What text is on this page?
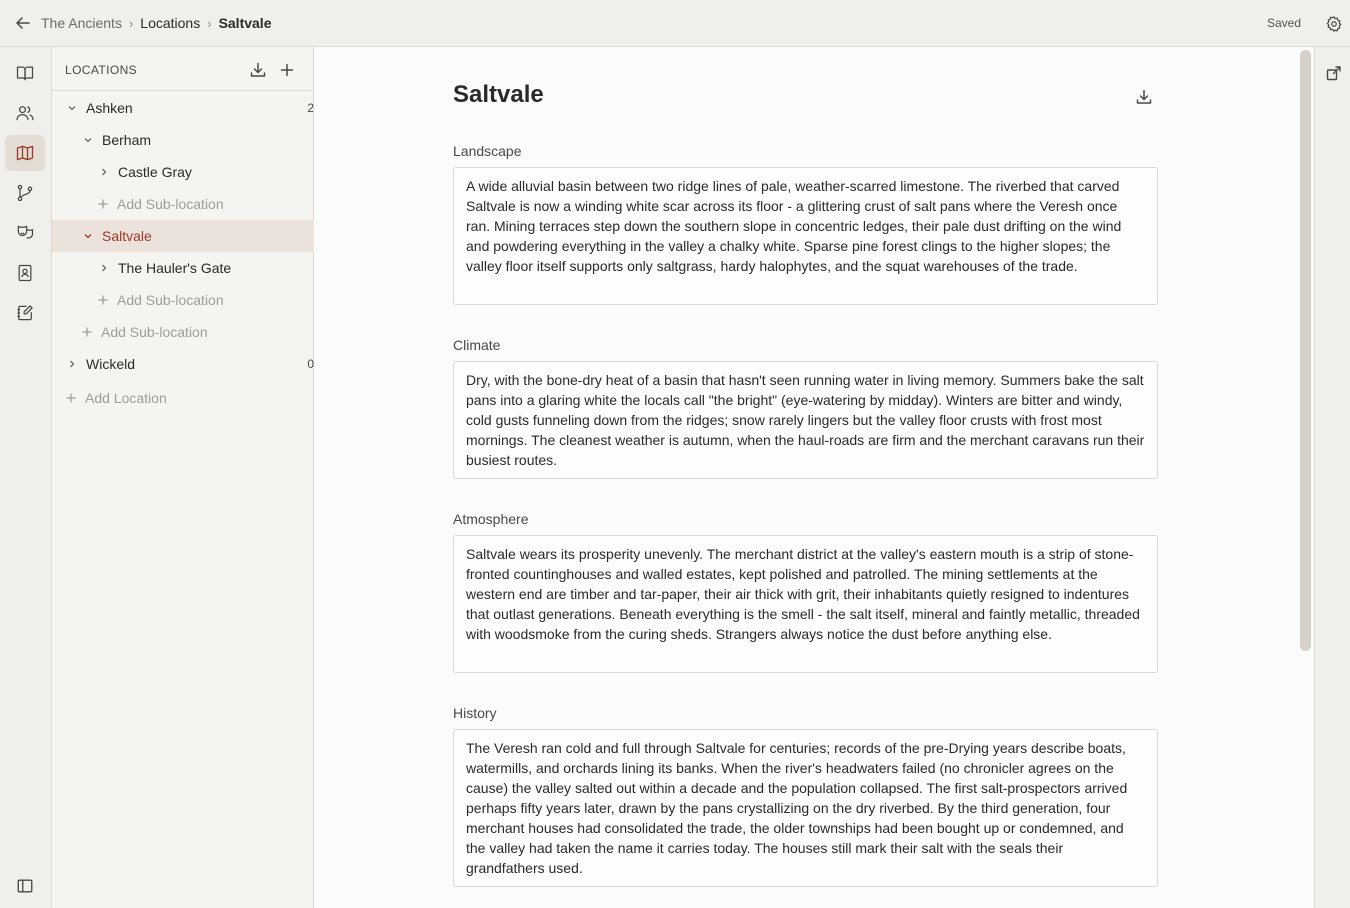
The Ancients › Locations › Saltvale	Saved
LOCATIONS
Ashken	2
Berham
Castle Gray
Add Sub-location
Saltvale
The Hauler's Gate
Add Sub-location
Add Sub-location
Wickeld	0
Add Location
Saltvale
Landscape
A wide alluvial basin between two ridge lines of pale, weather-scarred limestone. The riverbed that carved Saltvale is now a winding white scar across its floor - a glittering crust of salt pans where the Veresh once ran. Mining terraces step down the southern slope in concentric ledges, their pale dust drifting on the wind and powdering everything in the valley a chalky white. Sparse pine forest clings to the higher slopes; the valley floor itself supports only saltgrass, hardy halophytes, and the squat warehouses of the trade.
Climate
Dry, with the bone-dry heat of a basin that hasn't seen running water in living memory. Summers bake the salt pans into a glaring white the locals call "the bright" (eye-watering by midday). Winters are bitter and windy, cold gusts funneling down from the ridges; snow rarely lingers but the valley floor crusts with frost most mornings. The cleanest weather is autumn, when the haul-roads are firm and the merchant caravans run their busiest routes.
Atmosphere
Saltvale wears its prosperity unevenly. The merchant district at the valley's eastern mouth is a strip of stone-fronted countinghouses and walled estates, kept polished and patrolled. The mining settlements at the western end are timber and tar-paper, their air thick with grit, their inhabitants quietly resigned to indentures that outlast generations. Beneath everything is the smell - the salt itself, mineral and faintly metallic, threaded with woodsmoke from the curing sheds. Strangers always notice the dust before anything else.
History
The Veresh ran cold and full through Saltvale for centuries; records of the pre-Drying years describe boats, watermills, and orchards lining its banks. When the river's headwaters failed (no chronicler agrees on the cause) the valley salted out within a decade and the population collapsed. The first salt-prospectors arrived perhaps fifty years later, drawn by the pans crystallizing on the dry riverbed. By the third generation, four merchant houses had consolidated the trade, the older townships had been bought up or condemned, and the valley had taken the name it carries today. The houses still mark their salt with the seals their grandfathers used.
